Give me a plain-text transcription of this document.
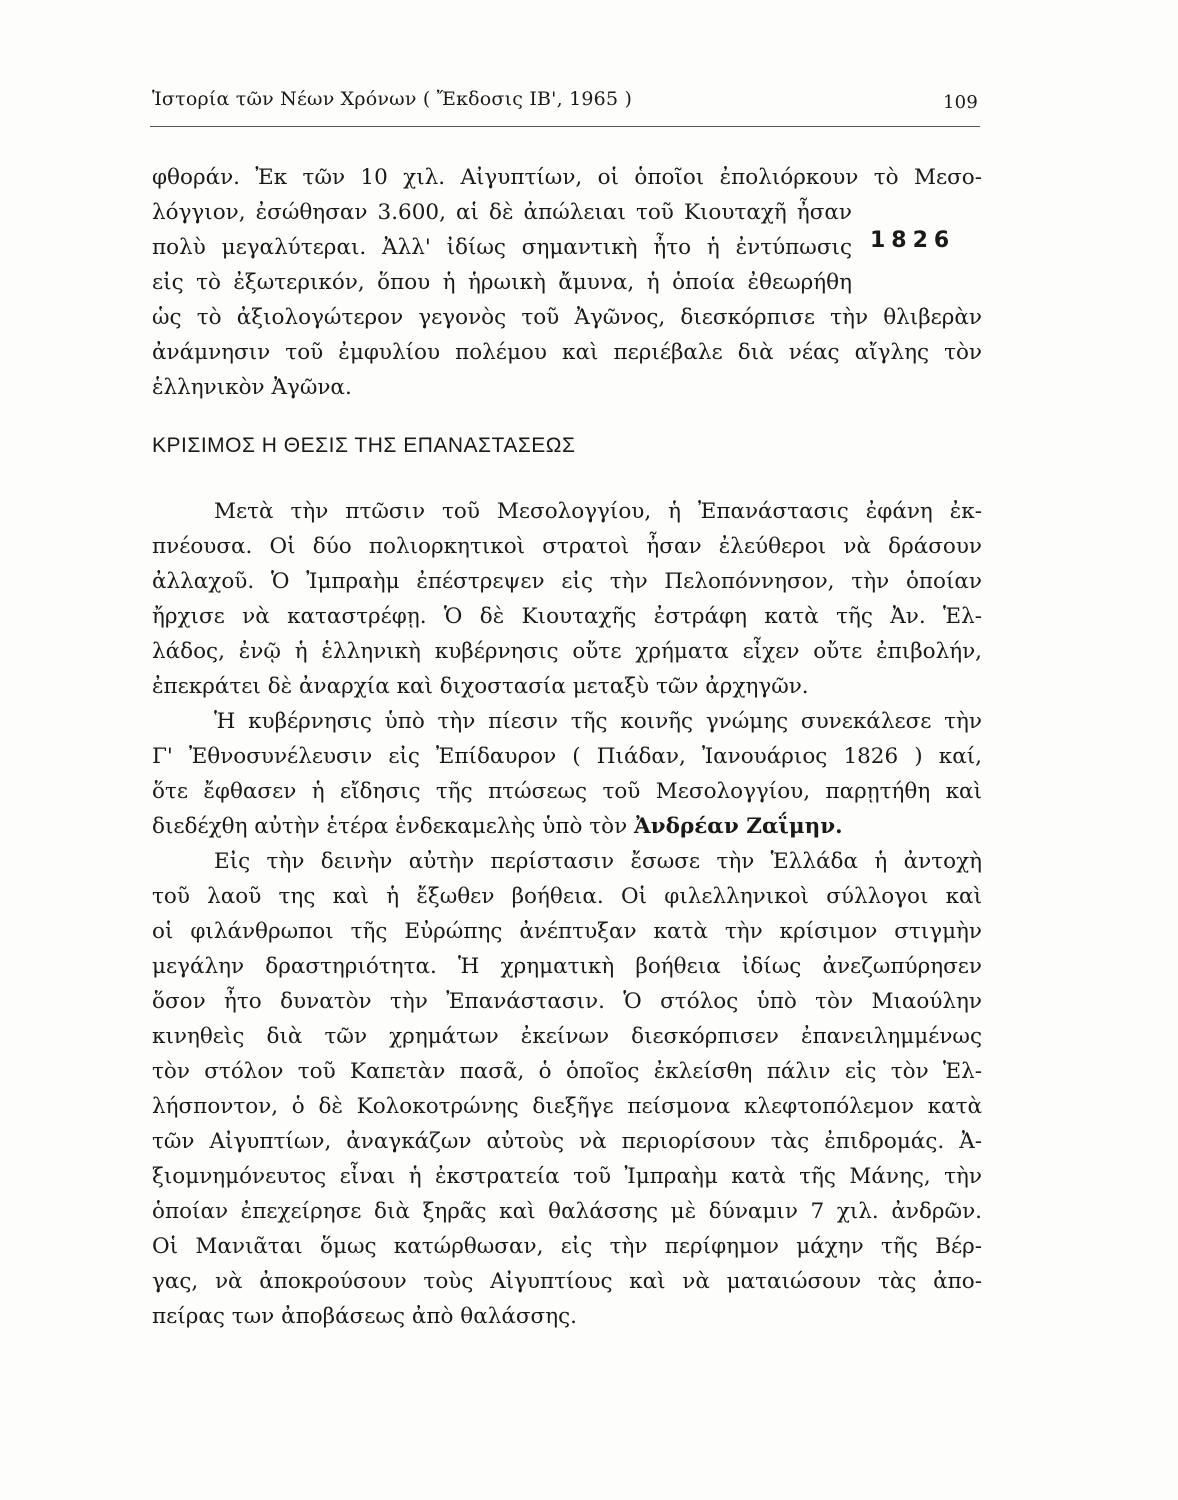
Ἱστορία τῶν Νέων Χρόνων ( Ἔκδοσις ΙΒ', 1965 )	109
φθοράν. Ἐκ τῶν 10 χιλ. Αἰγυπτίων, οἱ ὁποῖοι ἐπολιόρκουν τὸ Μεσο-
λόγγιον, ἐσώθησαν 3.600, αἱ δὲ ἀπώλειαι τοῦ Κιουταχῆ ἦσαν
πολὺ μεγαλύτεραι. Ἀλλ' ἰδίως σημαντικὴ ἦτο ἡ ἐντύπωσις
εἰς τὸ ἐξωτερικόν, ὅπου ἡ ἡρωικὴ ἄμυνα, ἡ ὁποία ἐθεωρήθη
ὡς τὸ ἀξιολογώτερον γεγονὸς τοῦ Ἀγῶνος, διεσκόρπισε τὴν θλιβερὰν
ἀνάμνησιν τοῦ ἐμφυλίου πολέμου καὶ περιέβαλε διὰ νέας αἴγλης τὸν
ἑλληνικὸν Ἀγῶνα.
1826
ΚΡΙΣΙΜΟΣ Η ΘΕΣΙΣ ΤΗΣ ΕΠΑΝΑΣΤΑΣΕΩΣ
Μετὰ τὴν πτῶσιν τοῦ Μεσολογγίου, ἡ Ἐπανάστασις ἐφάνη ἐκ-
πνέουσα. Οἱ δύο πολιορκητικοὶ στρατοὶ ἦσαν ἐλεύθεροι νὰ δράσουν
ἀλλαχοῦ. Ὁ Ἰμπραὴμ ἐπέστρεψεν εἰς τὴν Πελοπόννησον, τὴν ὁποίαν
ἤρχισε νὰ καταστρέφῃ. Ὁ δὲ Κιουταχῆς ἐστράφη κατὰ τῆς Ἀν. Ἑλ-
λάδος, ἐνῷ ἡ ἑλληνικὴ κυβέρνησις οὔτε χρήματα εἶχεν οὔτε ἐπιβολήν,
ἐπεκράτει δὲ ἀναρχία καὶ διχοστασία μεταξὺ τῶν ἀρχηγῶν.
Ἡ κυβέρνησις ὑπὸ τὴν πίεσιν τῆς κοινῆς γνώμης συνεκάλεσε τὴν
Γ' Ἐθνοσυνέλευσιν εἰς Ἐπίδαυρον ( Πιάδαν, Ἰανουάριος 1826 ) καί,
ὅτε ἔφθασεν ἡ εἴδησις τῆς πτώσεως τοῦ Μεσολογγίου, παρῃτήθη καὶ
διεδέχθη αὐτὴν ἑτέρα ἑνδεκαμελὴς ὑπὸ τὸν Ἀνδρέαν Ζαΐμην.
Εἰς τὴν δεινὴν αὐτὴν περίστασιν ἔσωσε τὴν Ἑλλάδα ἡ ἀντοχὴ
τοῦ λαοῦ της καὶ ἡ ἔξωθεν βοήθεια. Οἱ φιλελληνικοὶ σύλλογοι καὶ
οἱ φιλάνθρωποι τῆς Εὐρώπης ἀνέπτυξαν κατὰ τὴν κρίσιμον στιγμὴν
μεγάλην δραστηριότητα. Ἡ χρηματικὴ βοήθεια ἰδίως ἀνεζωπύρησεν
ὅσον ἦτο δυνατὸν τὴν Ἐπανάστασιν. Ὁ στόλος ὑπὸ τὸν Μιαούλην
κινηθεὶς διὰ τῶν χρημάτων ἐκείνων διεσκόρπισεν ἐπανειλημμένως
τὸν στόλον τοῦ Καπετὰν πασᾶ, ὁ ὁποῖος ἐκλείσθη πάλιν εἰς τὸν Ἑλ-
λήσποντον, ὁ δὲ Κολοκοτρώνης διεξῆγε πείσμονα κλεφτοπόλεμον κατὰ
τῶν Αἰγυπτίων, ἀναγκάζων αὐτοὺς νὰ περιορίσουν τὰς ἐπιδρομάς. Ἀ-
ξιομνημόνευτος εἶναι ἡ ἐκστρατεία τοῦ Ἰμπραὴμ κατὰ τῆς Μάνης, τὴν
ὁποίαν ἐπεχείρησε διὰ ξηρᾶς καὶ θαλάσσης μὲ δύναμιν 7 χιλ. ἀνδρῶν.
Οἱ Μανιᾶται ὅμως κατώρθωσαν, εἰς τὴν περίφημον μάχην τῆς Βέρ-
γας, νὰ ἀποκρούσουν τοὺς Αἰγυπτίους καὶ νὰ ματαιώσουν τὰς ἀπο-
πείρας των ἀποβάσεως ἀπὸ θαλάσσης.
